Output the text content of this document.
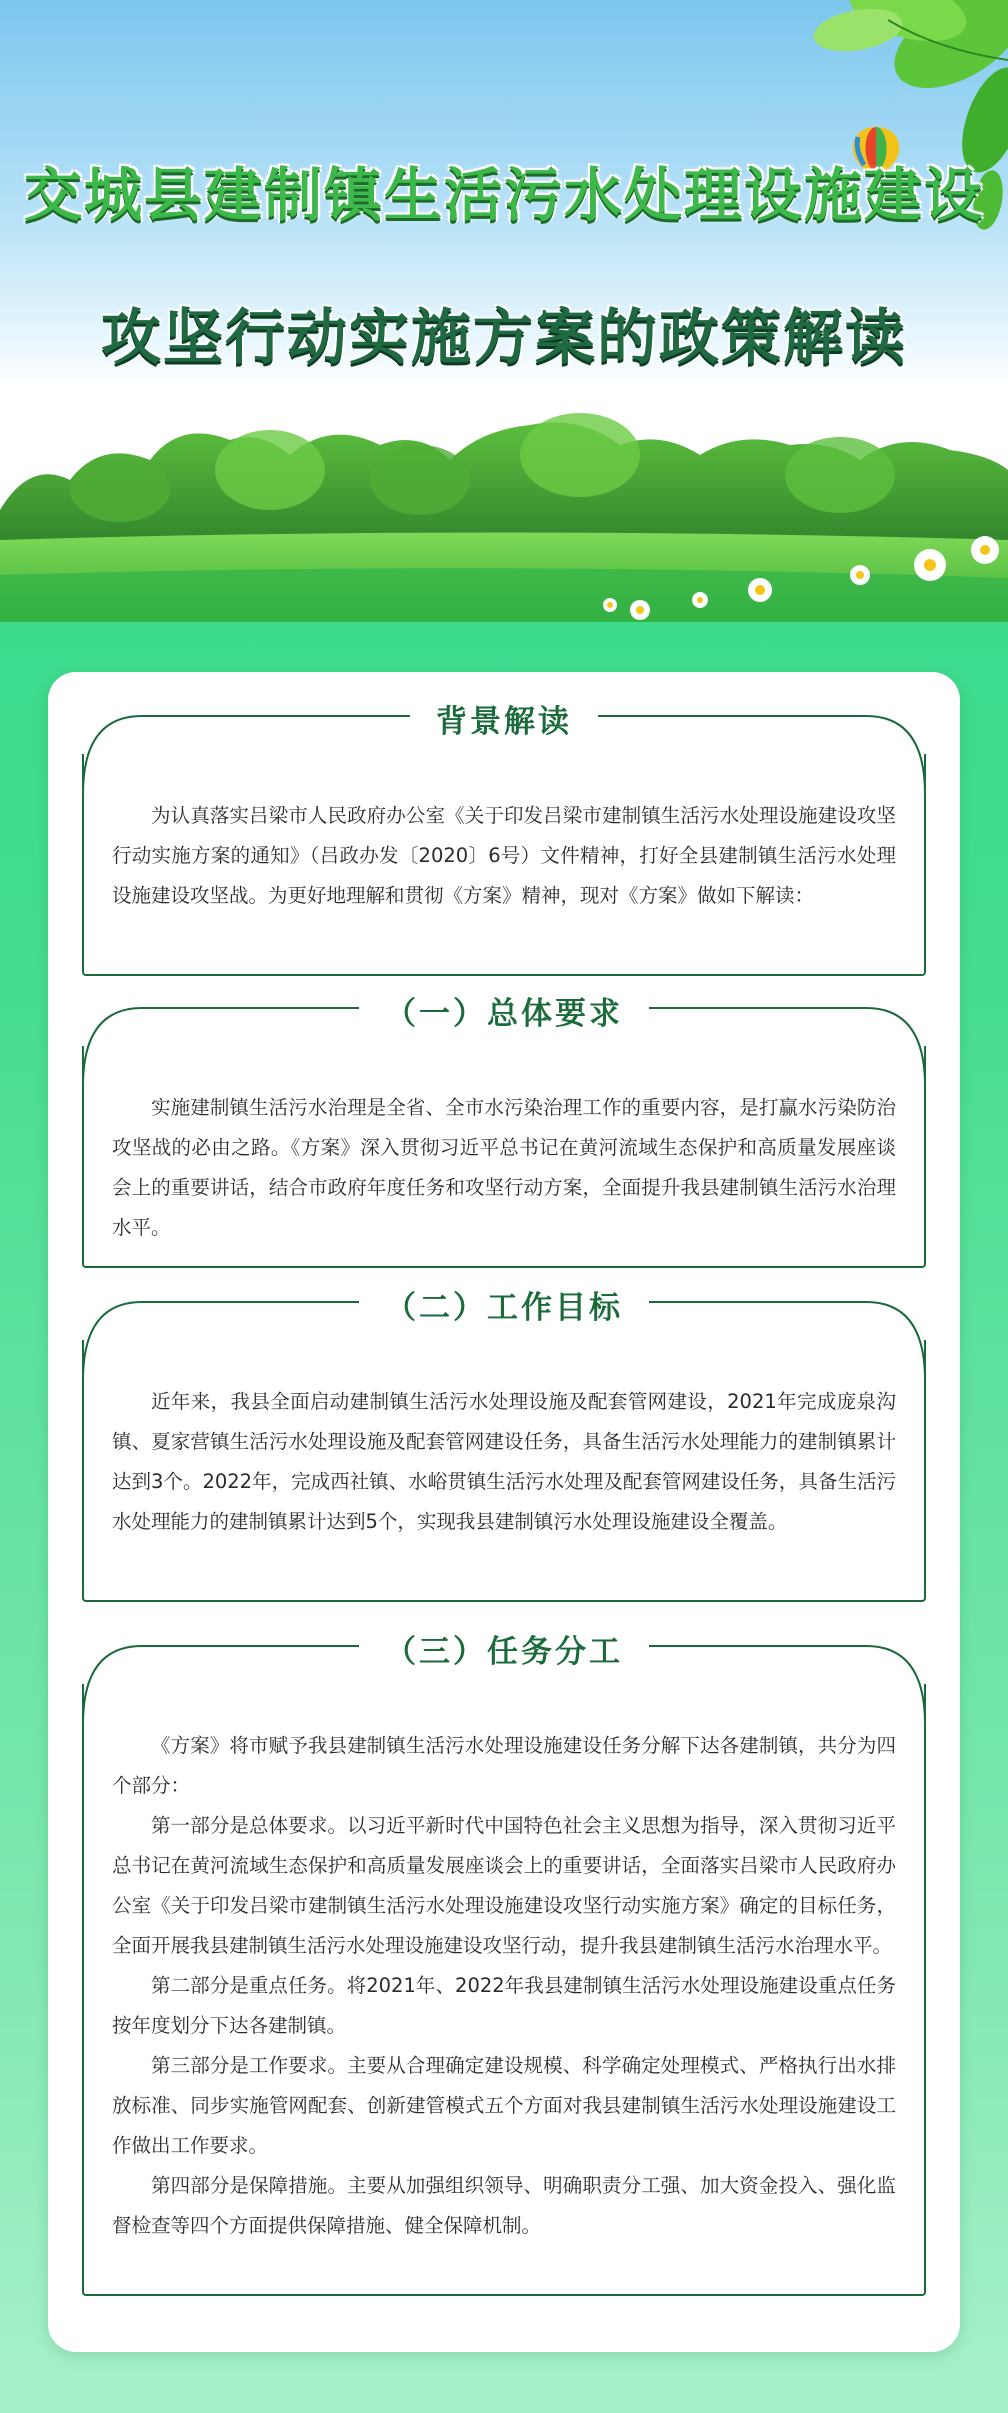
交城县建制镇生活污水处理设施建设
攻坚行动实施方案的政策解读
背景解读

为认真落实吕梁市人民政府办公室《关于印发吕梁市建制镇生活污水处理设施建设攻坚行动实施方案的通知》（吕政办发〔2020〕6号）文件精神，打好全县建制镇生活污水处理设施建设攻坚战。为更好地理解和贯彻《方案》精神，现对《方案》做如下解读：

（一）总体要求

实施建制镇生活污水治理是全省、全市水污染治理工作的重要内容，是打赢水污染防治攻坚战的必由之路。《方案》深入贯彻习近平总书记在黄河流域生态保护和高质量发展座谈会上的重要讲话，结合市政府年度任务和攻坚行动方案，全面提升我县建制镇生活污水治理水平。

（二）工作目标

近年来，我县全面启动建制镇生活污水处理设施及配套管网建设，2021年完成庞泉沟镇、夏家营镇生活污水处理设施及配套管网建设任务，具备生活污水处理能力的建制镇累计达到3个。2022年，完成西社镇、水峪贯镇生活污水处理及配套管网建设任务，具备生活污水处理能力的建制镇累计达到5个，实现我县建制镇污水处理设施建设全覆盖。

（三）任务分工

《方案》将市赋予我县建制镇生活污水处理设施建设任务分解下达各建制镇，共分为四个部分：

第一部分是总体要求。以习近平新时代中国特色社会主义思想为指导，深入贯彻习近平总书记在黄河流域生态保护和高质量发展座谈会上的重要讲话，全面落实吕梁市人民政府办公室《关于印发吕梁市建制镇生活污水处理设施建设攻坚行动实施方案》确定的目标任务，全面开展我县建制镇生活污水处理设施建设攻坚行动，提升我县建制镇生活污水治理水平。

第二部分是重点任务。将2021年、2022年我县建制镇生活污水处理设施建设重点任务按年度划分下达各建制镇。

第三部分是工作要求。主要从合理确定建设规模、科学确定处理模式、严格执行出水排放标准、同步实施管网配套、创新建管模式五个方面对我县建制镇生活污水处理设施建设工作做出工作要求。

第四部分是保障措施。主要从加强组织领导、明确职责分工强、加大资金投入、强化监督检查等四个方面提供保障措施、健全保障机制。
